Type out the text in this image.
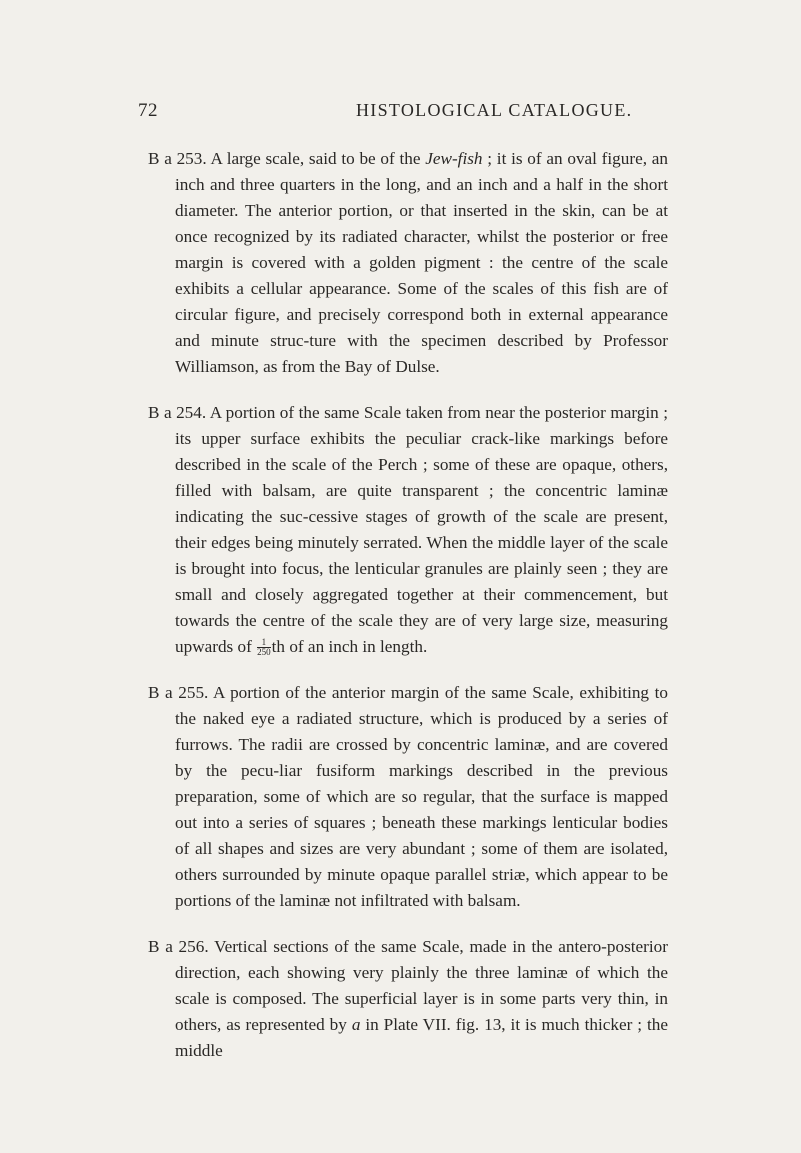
72	HISTOLOGICAL CATALOGUE.

B a 253. A large scale, said to be of the Jew-fish ; it is of an oval figure, an inch and three quarters in the long, and an inch and a half in the short diameter. The anterior portion, or that inserted in the skin, can be at once recognized by its radiated character, whilst the posterior or free margin is covered with a golden pigment : the centre of the scale exhibits a cellular appearance. Some of the scales of this fish are of circular figure, and precisely correspond both in external appearance and minute struc-ture with the specimen described by Professor Williamson, as from the Bay of Dulse.

B a 254. A portion of the same Scale taken from near the posterior margin ; its upper surface exhibits the peculiar crack-like markings before described in the scale of the Perch ; some of these are opaque, others, filled with balsam, are quite transparent ; the concentric laminæ indicating the suc-cessive stages of growth of the scale are present, their edges being minutely serrated. When the middle layer of the scale is brought into focus, the lenticular granules are plainly seen ; they are small and closely aggregated together at their commencement, but towards the centre of the scale they are of very large size, measuring upwards of $\frac{1}{250}$ th of an inch in length.

B a 255. A portion of the anterior margin of the same Scale, exhibiting to the naked eye a radiated structure, which is produced by a series of furrows. The radii are crossed by concentric laminæ, and are covered by the pecu-liar fusiform markings described in the previous preparation, some of which are so regular, that the surface is mapped out into a series of squares ; beneath these markings lenticular bodies of all shapes and sizes are very abundant ; some of them are isolated, others surrounded by minute opaque parallel striæ, which appear to be portions of the laminæ not infiltrated with balsam.

B a 256. Vertical sections of the same Scale, made in the antero-posterior direction, each showing very plainly the three laminæ of which the scale is composed. The superficial layer is in some parts very thin, in others, as represented by a in Plate VII. fig. 13, it is much thicker ; the middle
